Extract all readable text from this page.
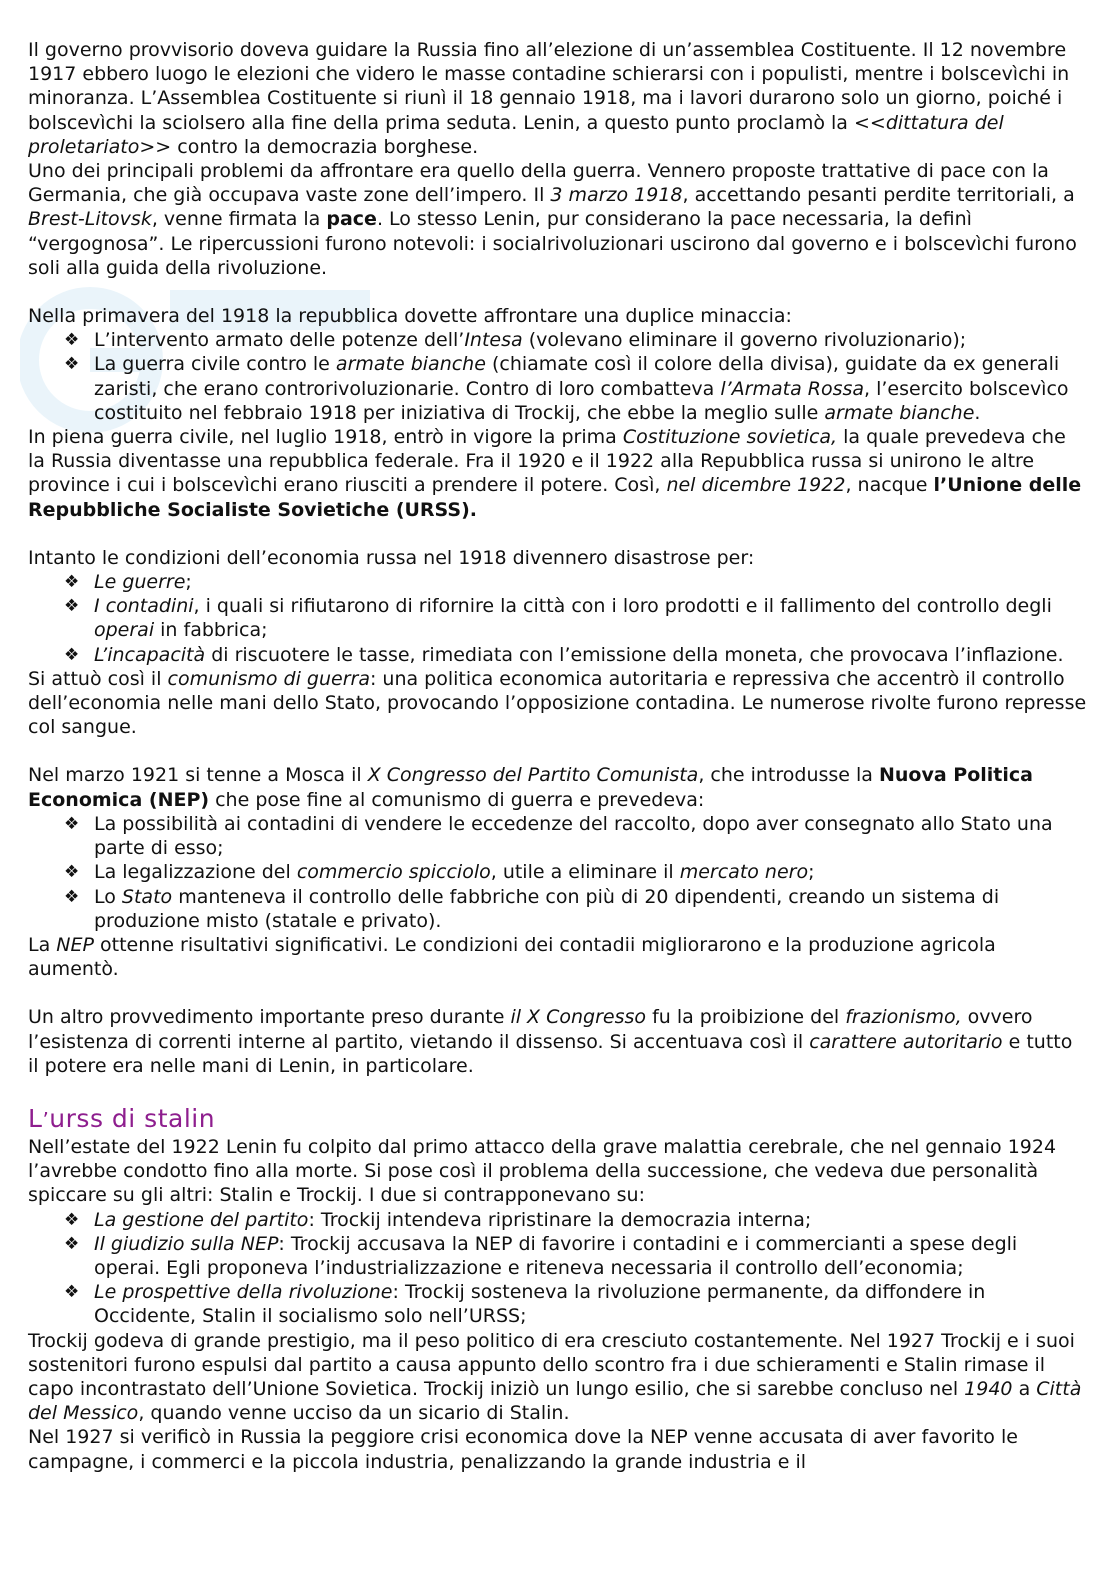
Il governo provvisorio doveva guidare la Russia fino all’elezione di un’assemblea Costituente. Il 12 novembre 1917 ebbero luogo le elezioni che videro le masse contadine schierarsi con i populisti, mentre i bolscevìchi in minoranza. L’Assemblea Costituente si riunì il 18 gennaio 1918, ma i lavori durarono solo un giorno, poiché i bolscevìchi la sciolsero alla fine della prima seduta. Lenin, a questo punto proclamò la <<dittatura del proletariato>> contro la democrazia borghese.

Uno dei principali problemi da affrontare era quello della guerra. Vennero proposte trattative di pace con la Germania, che già occupava vaste zone dell’impero. Il 3 marzo 1918, accettando pesanti perdite territoriali, a Brest-Litovsk, venne firmata la pace. Lo stesso Lenin, pur considerano la pace necessaria, la definì “vergognosa”. Le ripercussioni furono notevoli: i socialrivoluzionari uscirono dal governo e i bolscevìchi furono soli alla guida della rivoluzione.

Nella primavera del 1918 la repubblica dovette affrontare una duplice minaccia:

❖ L’intervento armato delle potenze dell’Intesa (volevano eliminare il governo rivoluzionario);
❖ La guerra civile contro le armate bianche (chiamate così il colore della divisa), guidate da ex generali zaristi, che erano controrivoluzionarie. Contro di loro combatteva l’Armata Rossa, l’esercito bolscevìco costituito nel febbraio 1918 per iniziativa di Trockij, che ebbe la meglio sulle armate bianche.

In piena guerra civile, nel luglio 1918, entrò in vigore la prima Costituzione sovietica, la quale prevedeva che la Russia diventasse una repubblica federale. Fra il 1920 e il 1922 alla Repubblica russa si unirono le altre province i cui i bolscevìchi erano riusciti a prendere il potere. Così, nel dicembre 1922, nacque l’Unione delle Repubbliche Socialiste Sovietiche (URSS).

Intanto le condizioni dell’economia russa nel 1918 divennero disastrose per:

❖ Le guerre;
❖ I contadini, i quali si rifiutarono di rifornire la città con i loro prodotti e il fallimento del controllo degli operai in fabbrica;
❖ L’incapacità di riscuotere le tasse, rimediata con l’emissione della moneta, che provocava l’inflazione.

Si attuò così il comunismo di guerra: una politica economica autoritaria e repressiva che accentrò il controllo dell’economia nelle mani dello Stato, provocando l’opposizione contadina. Le numerose rivolte furono represse col sangue.

Nel marzo 1921 si tenne a Mosca il X Congresso del Partito Comunista, che introdusse la Nuova Politica Economica (NEP) che pose fine al comunismo di guerra e prevedeva:

❖ La possibilità ai contadini di vendere le eccedenze del raccolto, dopo aver consegnato allo Stato una parte di esso;
❖ La legalizzazione del commercio spicciolo, utile a eliminare il mercato nero;
❖ Lo Stato manteneva il controllo delle fabbriche con più di 20 dipendenti, creando un sistema di produzione misto (statale e privato).

La NEP ottenne risultativi significativi. Le condizioni dei contadii migliorarono e la produzione agricola aumentò.

Un altro provvedimento importante preso durante il X Congresso fu la proibizione del frazionismo, ovvero l’esistenza di correnti interne al partito, vietando il dissenso. Si accentuava così il carattere autoritario e tutto il potere era nelle mani di Lenin, in particolare.

L’urss di stalin

Nell’estate del 1922 Lenin fu colpito dal primo attacco della grave malattia cerebrale, che nel gennaio 1924 l’avrebbe condotto fino alla morte. Si pose così il problema della successione, che vedeva due personalità spiccare su gli altri: Stalin e Trockij. I due si contrapponevano su:

❖ La gestione del partito: Trockij intendeva ripristinare la democrazia interna;
❖ Il giudizio sulla NEP: Trockij accusava la NEP di favorire i contadini e i commercianti a spese degli operai. Egli proponeva l’industrializzazione e riteneva necessaria il controllo dell’economia;
❖ Le prospettive della rivoluzione: Trockij sosteneva la rivoluzione permanente, da diffondere in Occidente, Stalin il socialismo solo nell’URSS;

Trockij godeva di grande prestigio, ma il peso politico di era cresciuto costantemente. Nel 1927 Trockij e i suoi sostenitori furono espulsi dal partito a causa appunto dello scontro fra i due schieramenti e Stalin rimase il capo incontrastato dell’Unione Sovietica. Trockij iniziò un lungo esilio, che si sarebbe concluso nel 1940 a Città del Messico, quando venne ucciso da un sicario di Stalin.

Nel 1927 si verificò in Russia la peggiore crisi economica dove la NEP venne accusata di aver favorito le campagne, i commerci e la piccola industria, penalizzando la grande industria e il
